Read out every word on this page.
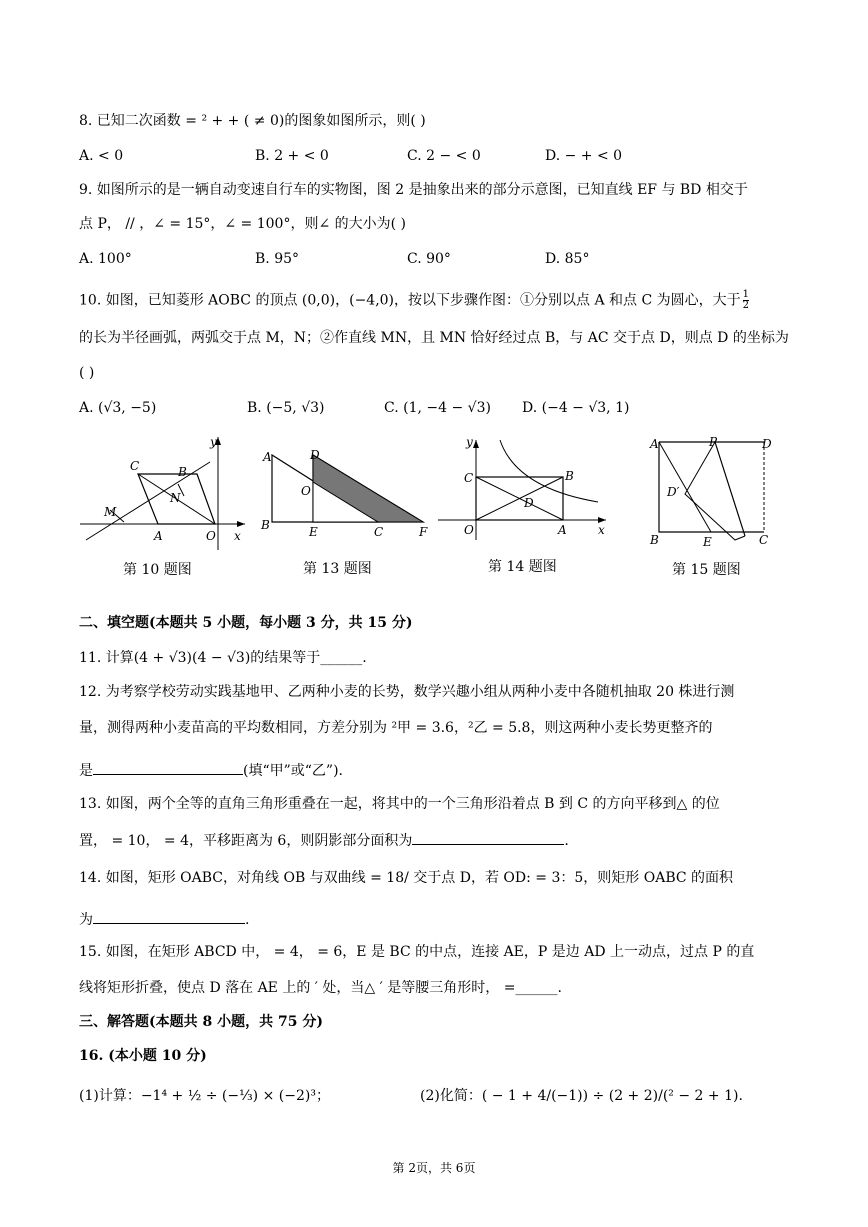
8. 已知二次函数 = ² + + ( ≠ 0)的图象如图所示，则( )
A. < 0	B. 2 + < 0	C. 2 − < 0	D. − + < 0
9. 如图所示的是一辆自动变速自行车的实物图，图 2 是抽象出来的部分示意图，已知直线 EF 与 BD 相交于
点 P， // ，∠ = 15°，∠ = 100°，则∠ 的大小为( )
A. 100°	B. 95°	C. 90°	D. 85°
10. 如图，已知菱形 AOBC 的顶点 (0,0)，(−4,0)，按以下步骤作图：①分别以点 A 和点 C 为圆心，大于 $\frac{1}{2}$
的长为半径画弧，两弧交于点 M，N；②作直线 MN，且 MN 恰好经过点 B，与 AC 交于点 D，则点 D 的坐标为
( )
A. (√3, −5)	B. (−5, √3)	C. (1, −4 − √3) D. (−4 − √3, 1)
y
C	B
N
M
A	O x
A	D
O
B	E	C	F
y
C	B
D
O	A	x
A	P	D
D′
B	E	C
第 10 题图	第 13 题图	第 14 题图	第 15 题图
二、填空题(本题共 5 小题，每小题 3 分，共 15 分)
11. 计算(4 + √3)(4 − √3)的结果等于______.
12. 为考察学校劳动实践基地甲、乙两种小麦的长势，数学兴趣小组从两种小麦中各随机抽取 20 株进行测
量，测得两种小麦苗高的平均数相同，方差分别为 ²甲 = 3.6，²乙 = 5.8，则这两种小麦长势更整齐的
是	(填“甲”或“乙”).
13. 如图，两个全等的直角三角形重叠在一起，将其中的一个三角形沿着点 B 到 C 的方向平移到△ 的位
置， = 10， = 4，平移距离为 6，则阴影部分面积为	.
14. 如图，矩形 OABC，对角线 OB 与双曲线 = 18/ 交于点 D，若 OD: = 3：5，则矩形 OABC 的面积
为	.
15. 如图，在矩形 ABCD 中， = 4， = 6，E 是 BC 的中点，连接 AE，P 是边 AD 上一动点，过点 P 的直
线将矩形折叠，使点 D 落在 AE 上的 ′ 处，当△ ′ 是等腰三角形时， =______.
三、解答题(本题共 8 小题，共 75 分)
16. (本小题 10 分)
(1)计算：−1⁴ + ½ ÷ (−⅓) × (−2)³；	(2)化简：( − 1 + 4/(−1)) ÷ (2 + 2)/(² − 2 + 1).
第 2页，共 6页
